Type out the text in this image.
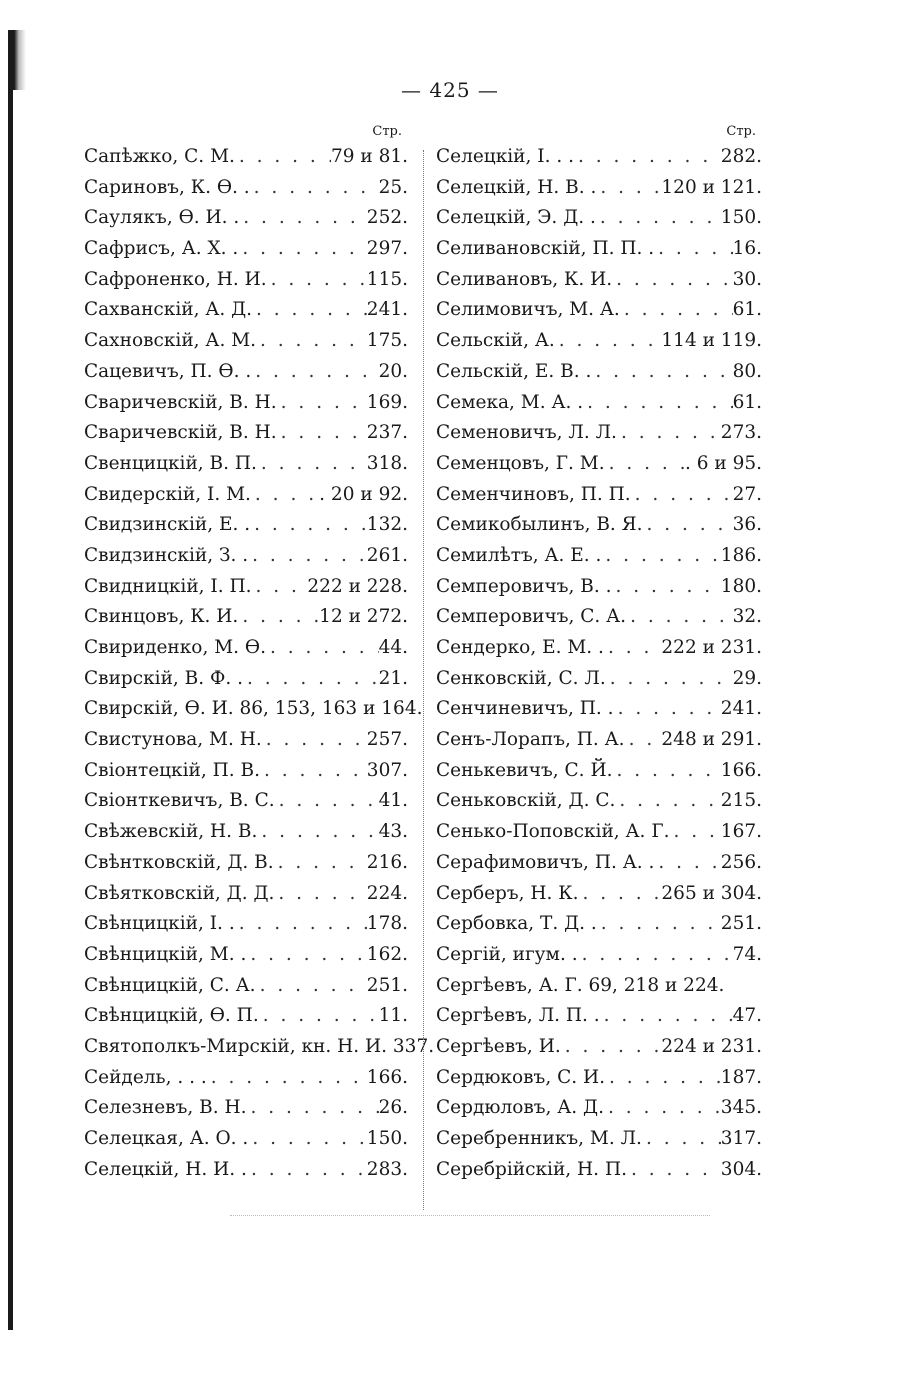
— 425 —
Стр.
Сапѣжко, С. М. . . .	79 и 81.
Сариновъ, К. Ѳ. . . . .	25.
Саулякъ, Ѳ. И. . . . .	252.
Сафрисъ, А. Х. . . . .	297.
Сафроненко, Н. И. . . .	115.
Сахванскій, А. Д. . . .	241.
Сахновскій, А. М. . . .	175.
Сацевичъ, П. Ѳ. . . . .	20.
Сваричевскій, В. Н. . . .	169.
Сваричевскій, В. Н. . . .	237.
Свенцицкій, В. П. . . .	318.
Свидерскій, І. М. . . .	. 20 и 92.
Свидзинскій, Е. . . . .	132.
Свидзинскій, З. . . . .	261.
Свидницкій, І. П. . . .	222 и 228.
Свинцовъ, К. И. . . .	12 и 272.
Свириденко, М. Ѳ. . . .	44.
Свирскій, В. Ф. . . . .	21.
Свирскій, Ѳ. И. 86, 153, 163 и 164.
Свистунова, М. Н. . . .	257.
Свіонтецкій, П. В. . . .	307.
Свіонткевичъ, В. С. . . .	41.
Свѣжевскій, Н. В. . . .	43.
Свѣнтковскій, Д. В. . . .	216.
Свѣятковскій, Д. Д. . . .	224.
Свѣнцицкій, І. . . . .	178.
Свѣнцицкій, М. . . . .	162.
Свѣнцицкій, С. А. . . .	251.
Свѣнцицкій, Ѳ. П. . . .	11.
Святополкъ-Мирскій, кн. Н. И. 337.
Сейдель, . . . . . .	166.
Селезневъ, В. Н. . . .	26.
Селецкая, А. О. . . . .	150.
Селецкій, Н. И. . . . .	283.
Стр.
Селецкій, І. . . . . .	282.
Селецкій, Н. В. . . . .	120 и 121.
Селецкій, Э. Д. . . . .	150.
Селивановскій, П. П. . . . .	16.
Селивановъ, К. И. . . .	30.
Селимовичъ, М. А. . . .	61.
Сельскій, А. . . .	114 и 119.
Сельскій, Е. В. . . . .	80.
Семека, М. А. . . . .	61.
Семеновичъ, Л. Л. . . .	273.
Семенцовъ, Г. М. . . .	. 6 и 95.
Семенчиновъ, П. П. . . .	27.
Семикобылинъ, В. Я. . . .	36.
Семилѣтъ, А. Е. . . . .	186.
Семперовичъ, В. . . . .	180.
Семперовичъ, С. А. . . .	32.
Сендерко, Е. М. . . . .	222 и 231.
Сенковскій, С. Л. . . .	29.
Сенчиневичъ, П. . . . .	241.
Сенъ-Лорапъ, П. А. . . . 248 и 291.
Сенькевичъ, С. Й. . . .	166.
Сеньковскій, Д. С. . . .	215.
Сенько-Поповскій, А. Г. . . .	167.
Серафимовичъ, П. А. . . . .	256.
Серберъ, Н. К. . . .	265 и 304.
Сербовка, Т. Д. . . . .	251.
Сергій, игум. . . . .	74.
Сергѣевъ, А. Г. 69, 218 и 224.
Сергѣевъ, Л. П. . . . .	47.
Сергѣевъ, И. . . .	224 и 231.
Сердюковъ, С. И. . . .	187.
Сердюловъ, А. Д. . . .	345.
Серебренникъ, М. Л. . . .	317.
Серебрійскій, Н. П. . . .	304.
